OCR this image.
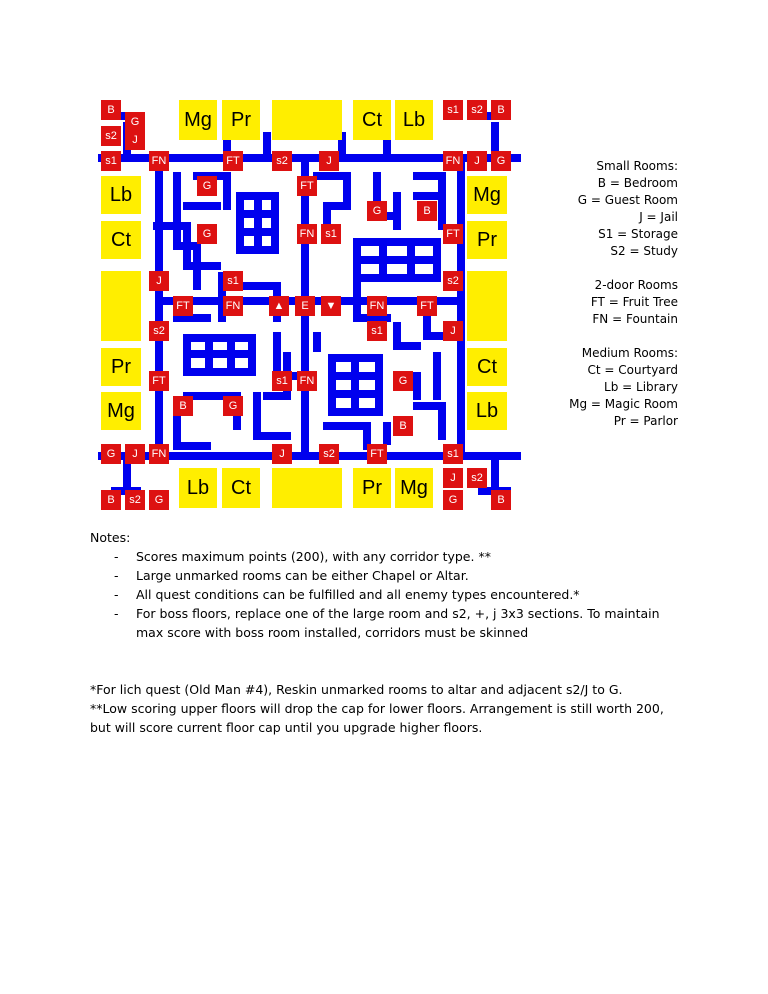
Mg Pr	Ct Lb
Lb
Ct
Pr
Mg
Mg
Pr
Ct
Lb
Lb Ct	Pr Mg
B
s2
G
J
s1	FN
s1 s2 B
FN J G
FT	s2	J
G	FT
G	B
G	FN s1	FT
J	s1	s2
FT	FN	FN	FT
s2	s1	J
FT	s1 FN	G
B	G
B
J	s2	FT
G J FN	s1
s2
J
B s2 G	G	B
▲ E ▼
Small Rooms:
B = Bedroom
G = Guest Room
J = Jail
S1 = Storage
S2 = Study
2-door Rooms
FT = Fruit Tree
FN = Fountain
Medium Rooms:
Ct = Courtyard
Lb = Library
Mg = Magic Room
Pr = Parlor
Notes:
- Scores maximum points (200), with any corridor type. **
- Large unmarked rooms can be either Chapel or Altar.
- All quest conditions can be fulfilled and all enemy types encountered.*
- For boss floors, replace one of the large room and s2, +, j 3x3 sections. To maintain max score with boss room installed, corridors must be skinned
*For lich quest (Old Man #4), Reskin unmarked rooms to altar and adjacent s2/J to G.
**Low scoring upper floors will drop the cap for lower floors. Arrangement is still worth 200,
but will score current floor cap until you upgrade higher floors.
